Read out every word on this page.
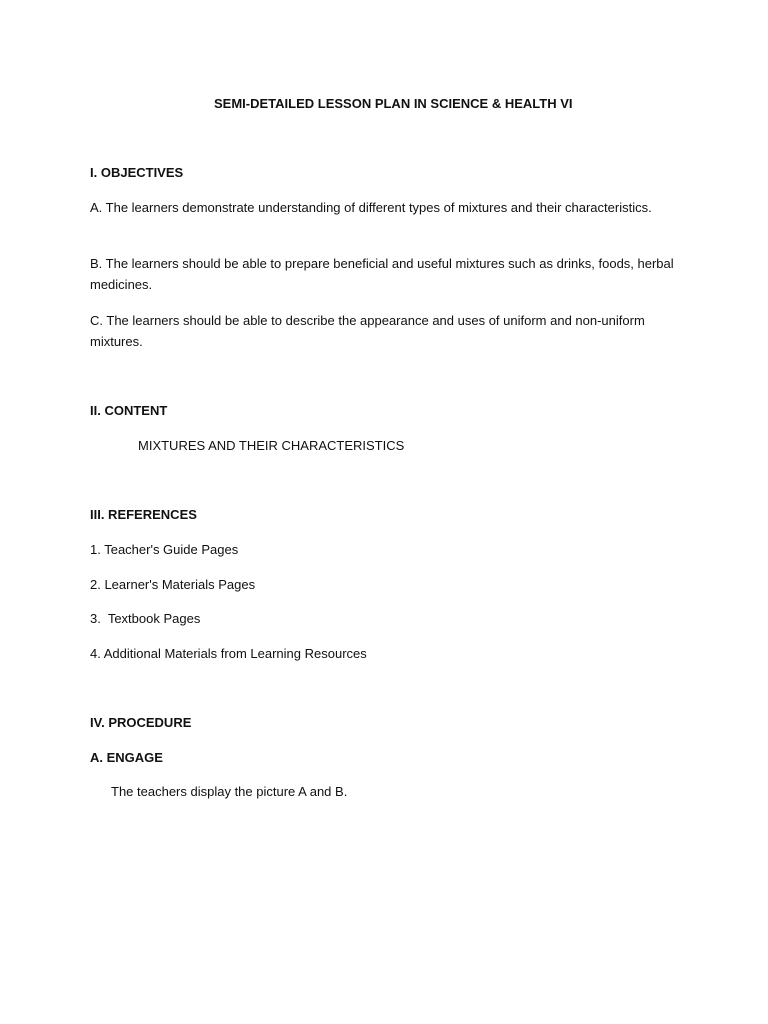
SEMI-DETAILED LESSON PLAN IN SCIENCE & HEALTH VI
I. OBJECTIVES
A. The learners demonstrate understanding of different types of mixtures and their characteristics.
B. The learners should be able to prepare beneficial and useful mixtures such as drinks, foods, herbal medicines.
C. The learners should be able to describe the appearance and uses of uniform and non-uniform mixtures.
II. CONTENT
MIXTURES AND THEIR CHARACTERISTICS
III. REFERENCES
1. Teacher's Guide Pages
2. Learner's Materials Pages
3.  Textbook Pages
4. Additional Materials from Learning Resources
IV. PROCEDURE
A. ENGAGE
The teachers display the picture A and B.
